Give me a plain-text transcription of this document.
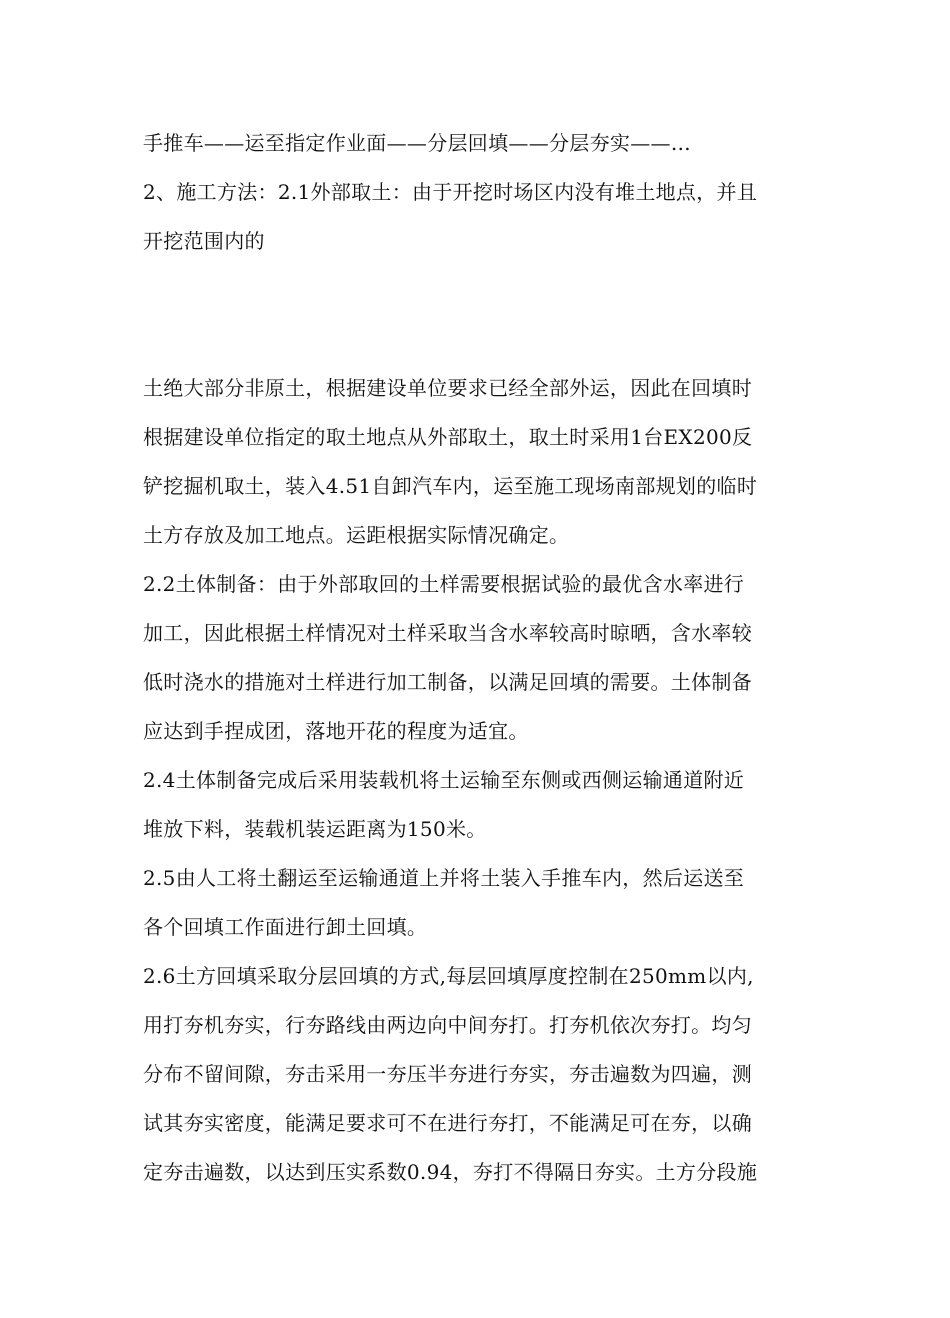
手推车——运至指定作业面——分层回填——分层夯实——…
2、施工方法：2.1外部取土：由于开挖时场区内没有堆土地点，并且
开挖范围内的
土绝大部分非原土，根据建设单位要求已经全部外运，因此在回填时
根据建设单位指定的取土地点从外部取土，取土时采用1台EX200反
铲挖掘机取土，装入4.51自卸汽车内，运至施工现场南部规划的临时
土方存放及加工地点。运距根据实际情况确定。
2.2土体制备：由于外部取回的土样需要根据试验的最优含水率进行
加工，因此根据土样情况对土样采取当含水率较高时晾晒，含水率较
低时浇水的措施对土样进行加工制备，以满足回填的需要。土体制备
应达到手捏成团，落地开花的程度为适宜。
2.4土体制备完成后采用装载机将土运输至东侧或西侧运输通道附近
堆放下料，装载机装运距离为150米。
2.5由人工将土翻运至运输通道上并将土装入手推车内，然后运送至
各个回填工作面进行卸土回填。
2.6土方回填采取分层回填的方式,每层回填厚度控制在250mm以内,
用打夯机夯实，行夯路线由两边向中间夯打。打夯机依次夯打。均匀
分布不留间隙，夯击采用一夯压半夯进行夯实，夯击遍数为四遍，测
试其夯实密度，能满足要求可不在进行夯打，不能满足可在夯，以确
定夯击遍数，以达到压实系数0.94，夯打不得隔日夯实。土方分段施
